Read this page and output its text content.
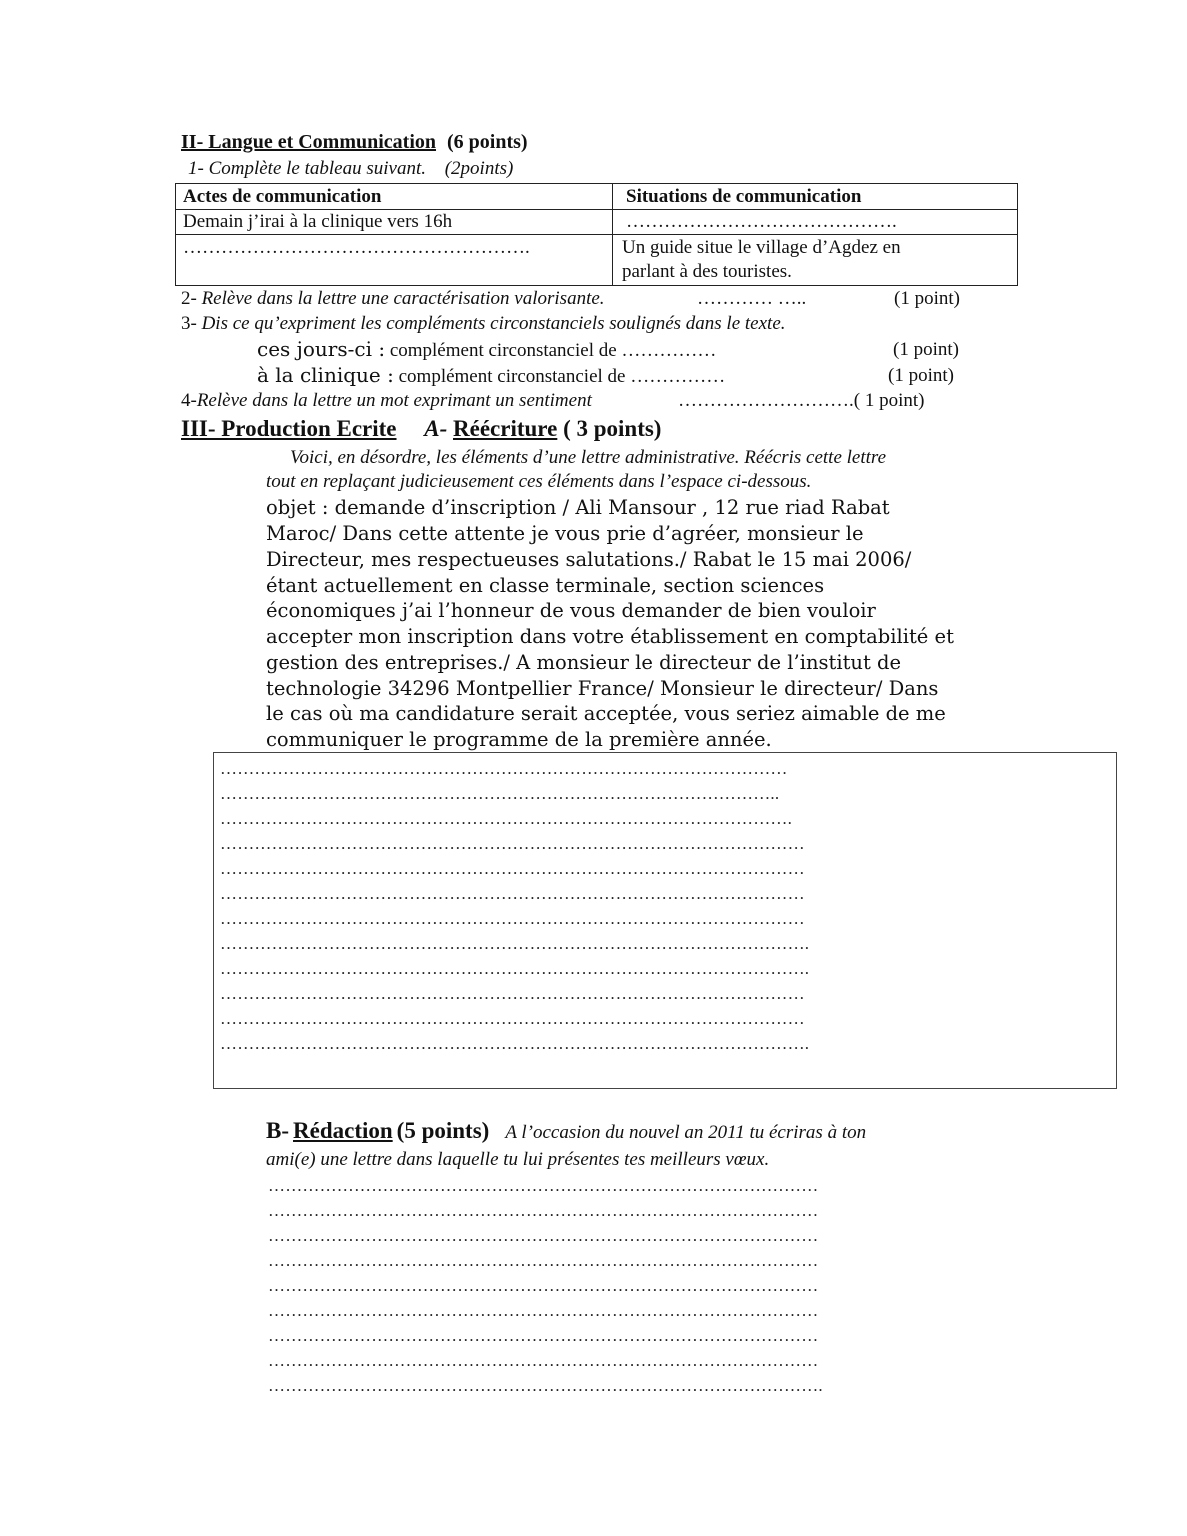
II- Langue et Communication (6 points)
1- Complète le tableau suivant. (2points)
Actes de communication	Situations de communication
Demain j’irai à la clinique vers 16h	…………………………………….
……………………………………………….	Un guide situe le village d’Agdez en
parlant à des touristes.
2- Relève dans la lettre une caractérisation valorisante.	………… …..	(1 point)
3- Dis ce qu’expriment les compléments circonstanciels soulignés dans le texte.
ces jours-ci : complément circonstanciel de ……………	(1 point)
à la clinique : complément circonstanciel de ……………	(1 point)
4-Relève dans la lettre un mot exprimant un sentiment	……………………….( 1 point)
III- Production Ecrite A- Réécriture ( 3 points)
Voici, en désordre, les éléments d’une lettre administrative. Réécris cette lettre
tout en replaçant judicieusement ces éléments dans l’espace ci-dessous.
objet : demande d’inscription / Ali Mansour , 12 rue riad Rabat
Maroc/ Dans cette attente je vous prie d’agréer, monsieur le
Directeur, mes respectueuses salutations./ Rabat le 15 mai 2006/
étant actuellement en classe terminale, section sciences
économiques j’ai l’honneur de vous demander de bien vouloir
accepter mon inscription dans votre établissement en comptabilité et
gestion des entreprises./ A monsieur le directeur de l’institut de
technologie 34296 Montpellier France/ Monsieur le directeur/ Dans
le cas où ma candidature serait acceptée, vous seriez aimable de me
communiquer le programme de la première année.
………………………………………………………………………………………
……………………………………………………………………………………..
……………………………………………………………………………………….
…………………………………………………………………………………………
…………………………………………………………………………………………
…………………………………………………………………………………………
…………………………………………………………………………………………
………………………………………………………………………………………….
………………………………………………………………………………………….
…………………………………………………………………………………………
…………………………………………………………………………………………
………………………………………………………………………………………….
B- Rédaction (5 points) A l’occasion du nouvel an 2011 tu écriras à ton
ami(e) une lettre dans laquelle tu lui présentes tes meilleurs vœux.
……………………………………………………………………………………
……………………………………………………………………………………
……………………………………………………………………………………
……………………………………………………………………………………
……………………………………………………………………………………
……………………………………………………………………………………
……………………………………………………………………………………
……………………………………………………………………………………
…………………………………………………………………………………….
